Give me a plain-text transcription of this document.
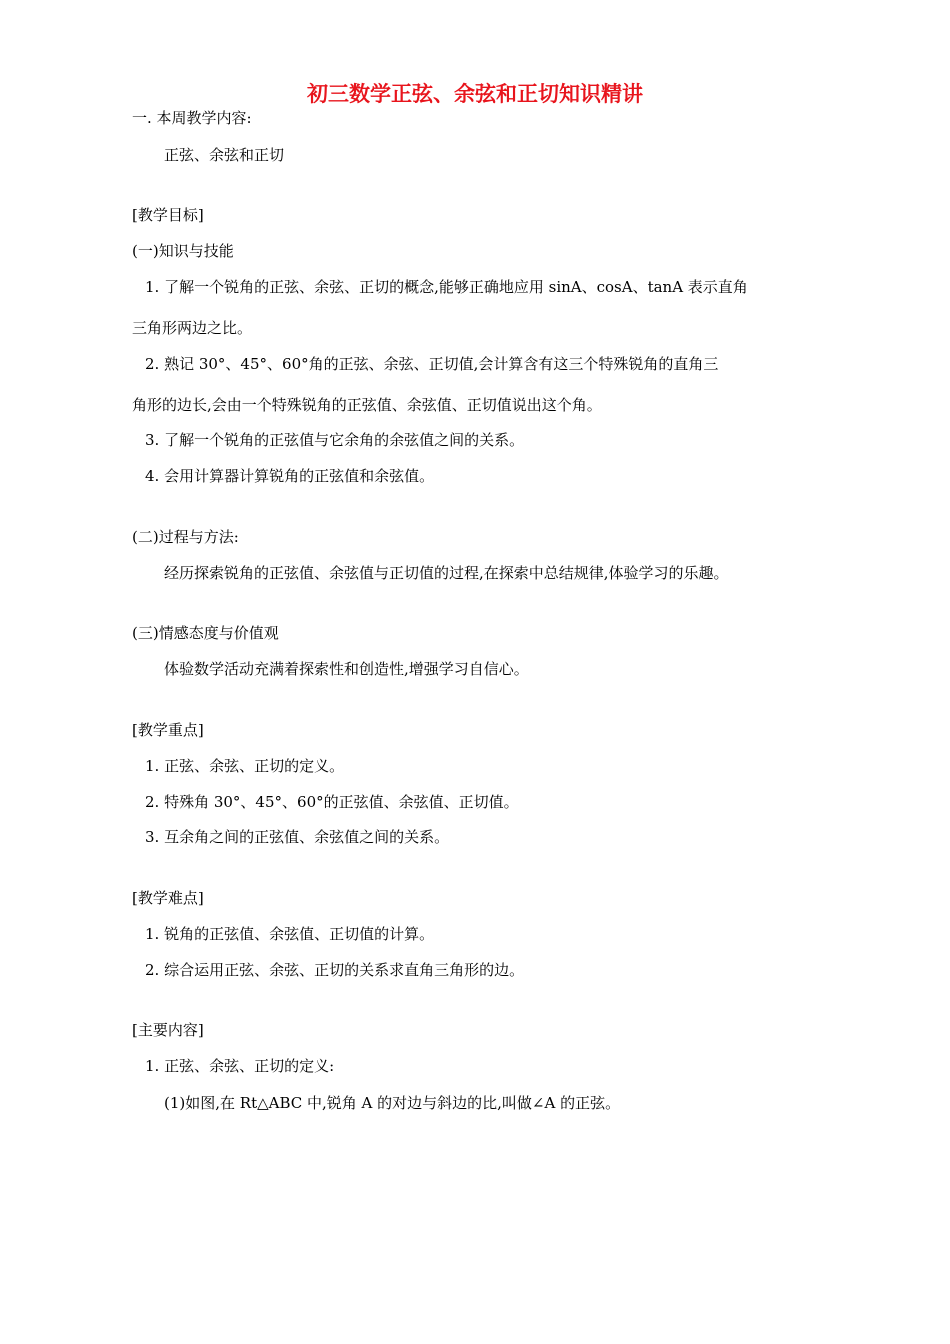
初三数学正弦、余弦和正切知识精讲
一. 本周教学内容:
正弦、余弦和正切
[教学目标]
(一)知识与技能
1. 了解一个锐角的正弦、余弦、正切的概念,能够正确地应用 sinA、cosA、tanA 表示直角
三角形两边之比。
2. 熟记 30°、45°、60°角的正弦、余弦、正切值,会计算含有这三个特殊锐角的直角三
角形的边长,会由一个特殊锐角的正弦值、余弦值、正切值说出这个角。
3. 了解一个锐角的正弦值与它余角的余弦值之间的关系。
4. 会用计算器计算锐角的正弦值和余弦值。
(二)过程与方法:
经历探索锐角的正弦值、余弦值与正切值的过程,在探索中总结规律,体验学习的乐趣。
(三)情感态度与价值观
体验数学活动充满着探索性和创造性,增强学习自信心。
[教学重点]
1. 正弦、余弦、正切的定义。
2. 特殊角 30°、45°、60°的正弦值、余弦值、正切值。
3. 互余角之间的正弦值、余弦值之间的关系。
[教学难点]
1. 锐角的正弦值、余弦值、正切值的计算。
2. 综合运用正弦、余弦、正切的关系求直角三角形的边。
[主要内容]
1. 正弦、余弦、正切的定义:
(1)如图,在 Rt△ABC 中,锐角 A 的对边与斜边的比,叫做∠A 的正弦。
